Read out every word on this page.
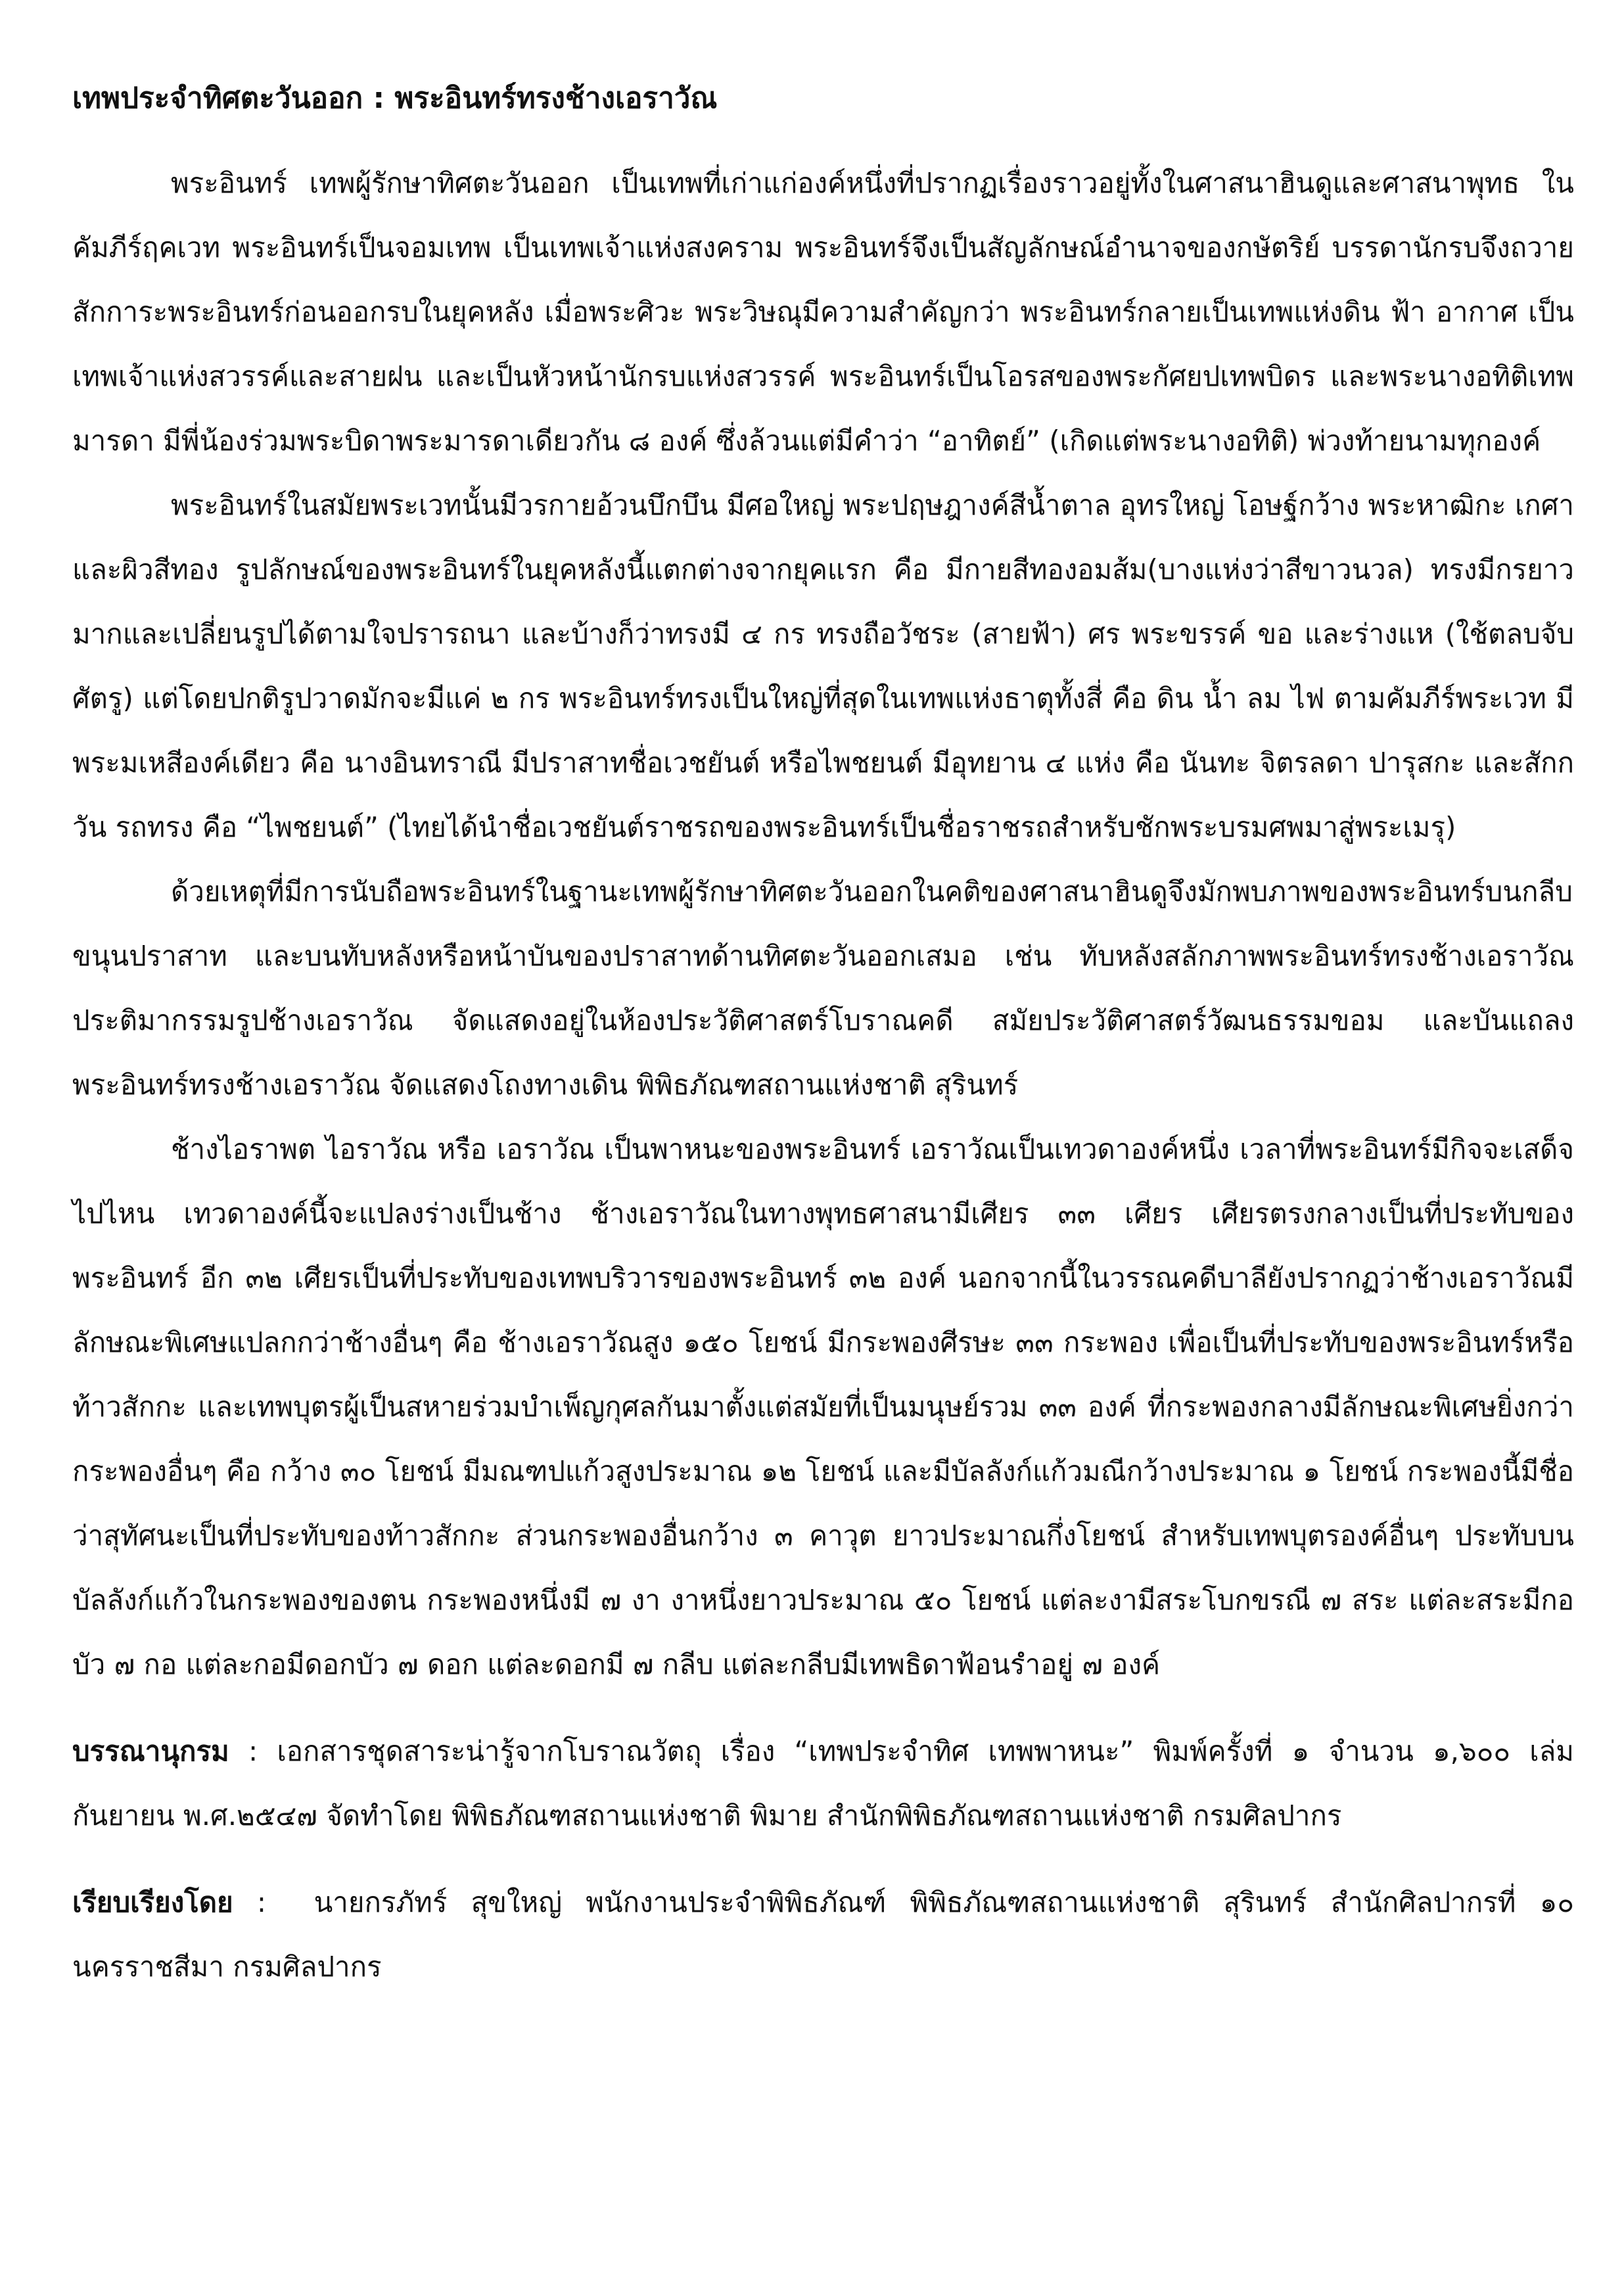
เทพประจำทิศตะวันออก : พระอินทร์ทรงช้างเอราวัณ

พระอินทร์ เทพผู้รักษาทิศตะวันออก เป็นเทพที่เก่าแก่องค์หนึ่งที่ปรากฏเรื่องราวอยู่ทั้งในศาสนาฮินดูและศาสนาพุทธ ในคัมภีร์ฤคเวท พระอินทร์เป็นจอมเทพ เป็นเทพเจ้าแห่งสงคราม พระอินทร์จึงเป็นสัญลักษณ์อำนาจของกษัตริย์ บรรดานักรบจึงถวายสักการะพระอินทร์ก่อนออกรบในยุคหลัง เมื่อพระศิวะ พระวิษณุมีความสำคัญกว่า พระอินทร์กลายเป็นเทพแห่งดิน ฟ้า อากาศ เป็นเทพเจ้าแห่งสวรรค์และสายฝน และเป็นหัวหน้านักรบแห่งสวรรค์ พระอินทร์เป็นโอรสของพระกัศยปเทพบิดร และพระนางอทิติเทพมารดา มีพี่น้องร่วมพระบิดาพระมารดาเดียวกัน ๘ องค์ ซึ่งล้วนแต่มีคำว่า “อาทิตย์” (เกิดแต่พระนางอทิติ) พ่วงท้ายนามทุกองค์

พระอินทร์ในสมัยพระเวทนั้นมีวรกายอ้วนบึกบึน มีศอใหญ่ พระปฤษฎางค์สีน้ำตาล อุทรใหญ่ โอษฐ์กว้าง พระหาฒิกะ เกศาและผิวสีทอง รูปลักษณ์ของพระอินทร์ในยุคหลังนี้แตกต่างจากยุคแรก คือ มีกายสีทองอมส้ม(บางแห่งว่าสีขาวนวล) ทรงมีกรยาวมากและเปลี่ยนรูปได้ตามใจปรารถนา และบ้างก็ว่าทรงมี ๔ กร ทรงถือวัชระ (สายฟ้า) ศร พระขรรค์ ขอ และร่างแห (ใช้ตลบจับศัตรู) แต่โดยปกติรูปวาดมักจะมีแค่ ๒ กร พระอินทร์ทรงเป็นใหญ่ที่สุดในเทพแห่งธาตุทั้งสี่ คือ ดิน น้ำ ลม ไฟ ตามคัมภีร์พระเวท มีพระมเหสีองค์เดียว คือ นางอินทราณี มีปราสาทชื่อเวชยันต์ หรือไพชยนต์ มีอุทยาน ๔ แห่ง คือ นันทะ จิตรลดา ปารุสกะ และสักกวัน รถทรง คือ “ไพชยนต์” (ไทยได้นำชื่อเวชยันต์ราชรถของพระอินทร์เป็นชื่อราชรถสำหรับชักพระบรมศพมาสู่พระเมรุ)

ด้วยเหตุที่มีการนับถือพระอินทร์ในฐานะเทพผู้รักษาทิศตะวันออกในคติของศาสนาฮินดูจึงมักพบภาพของพระอินทร์บนกลีบขนุนปราสาท และบนทับหลังหรือหน้าบันของปราสาทด้านทิศตะวันออกเสมอ เช่น ทับหลังสลักภาพพระอินทร์ทรงช้างเอราวัณ ประติมากรรมรูปช้างเอราวัณ จัดแสดงอยู่ในห้องประวัติศาสตร์โบราณคดี สมัยประวัติศาสตร์วัฒนธรรมขอม และบันแถลงพระอินทร์ทรงช้างเอราวัณ จัดแสดงโถงทางเดิน พิพิธภัณฑสถานแห่งชาติ สุรินทร์

ช้างไอราพต ไอราวัณ หรือ เอราวัณ เป็นพาหนะของพระอินทร์ เอราวัณเป็นเทวดาองค์หนึ่ง เวลาที่พระอินทร์มีกิจจะเสด็จไปไหน เทวดาองค์นี้จะแปลงร่างเป็นช้าง ช้างเอราวัณในทางพุทธศาสนามีเศียร ๓๓ เศียร เศียรตรงกลางเป็นที่ประทับของพระอินทร์ อีก ๓๒ เศียรเป็นที่ประทับของเทพบริวารของพระอินทร์ ๓๒ องค์ นอกจากนี้ในวรรณคดีบาลียังปรากฏว่าช้างเอราวัณมีลักษณะพิเศษแปลกกว่าช้างอื่นๆ คือ ช้างเอราวัณสูง ๑๕๐ โยชน์ มีกระพองศีรษะ ๓๓ กระพอง เพื่อเป็นที่ประทับของพระอินทร์หรือท้าวสักกะ และเทพบุตรผู้เป็นสหายร่วมบำเพ็ญกุศลกันมาตั้งแต่สมัยที่เป็นมนุษย์รวม ๓๓ องค์ ที่กระพองกลางมีลักษณะพิเศษยิ่งกว่ากระพองอื่นๆ คือ กว้าง ๓๐ โยชน์ มีมณฑปแก้วสูงประมาณ ๑๒ โยชน์ และมีบัลลังก์แก้วมณีกว้างประมาณ ๑ โยชน์ กระพองนี้มีชื่อว่าสุทัศนะเป็นที่ประทับของท้าวสักกะ ส่วนกระพองอื่นกว้าง ๓ คาวุต ยาวประมาณกึ่งโยชน์ สำหรับเทพบุตรองค์อื่นๆ ประทับบนบัลลังก์แก้วในกระพองของตน กระพองหนึ่งมี ๗ งา งาหนึ่งยาวประมาณ ๕๐ โยชน์ แต่ละงามีสระโบกขรณี ๗ สระ แต่ละสระมีกอบัว ๗ กอ แต่ละกอมีดอกบัว ๗ ดอก แต่ละดอกมี ๗ กลีบ แต่ละกลีบมีเทพธิดาฟ้อนรำอยู่ ๗ องค์

บรรณานุกรม : เอกสารชุดสาระน่ารู้จากโบราณวัตถุ เรื่อง “เทพประจำทิศ เทพพาหนะ” พิมพ์ครั้งที่ ๑ จำนวน ๑,๖๐๐ เล่ม กันยายน พ.ศ.๒๕๔๗ จัดทำโดย พิพิธภัณฑสถานแห่งชาติ พิมาย สำนักพิพิธภัณฑสถานแห่งชาติ กรมศิลปากร

เรียบเรียงโดย :  นายกรภัทร์ สุขใหญ่ พนักงานประจำพิพิธภัณฑ์ พิพิธภัณฑสถานแห่งชาติ สุรินทร์ สำนักศิลปากรที่ ๑๐ นครราชสีมา กรมศิลปากร
